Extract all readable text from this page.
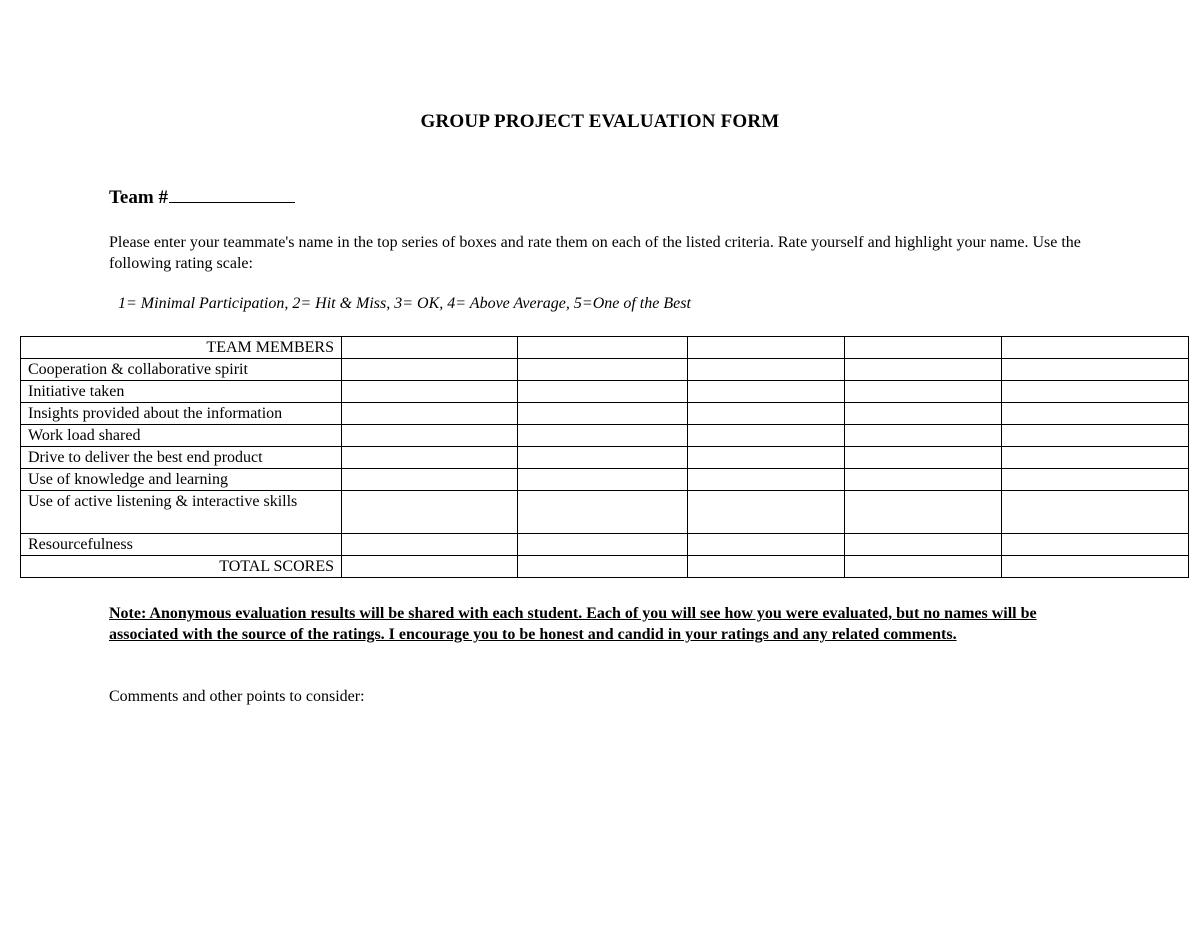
GROUP PROJECT EVALUATION FORM
Team #
Please enter your teammate's name in the top series of boxes and rate them on each of the listed criteria. Rate yourself and highlight your name. Use the following rating scale:
1= Minimal Participation, 2= Hit & Miss, 3= OK, 4= Above Average, 5=One of the Best
TEAM MEMBERS					
Cooperation & collaborative spirit					
Initiative taken					
Insights provided about the information					
Work load shared					
Drive to deliver the best end product					
Use of knowledge and learning					
Use of active listening & interactive skills					
Resourcefulness					
TOTAL SCORES					
Note: Anonymous evaluation results will be shared with each student. Each of you will see how you were evaluated, but no names will be associated with the source of the ratings. I encourage you to be honest and candid in your ratings and any related comments.
Comments and other points to consider:
